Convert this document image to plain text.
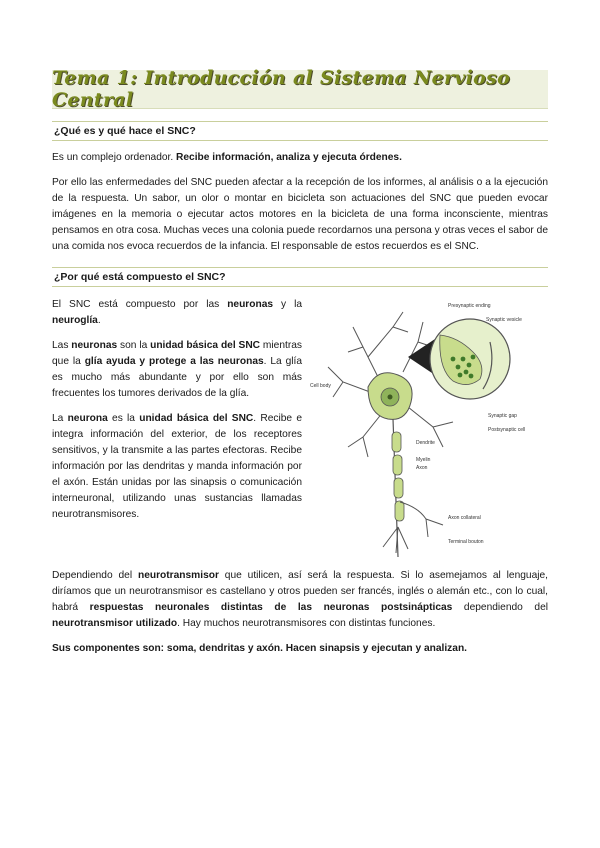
Tema 1: Introducción al Sistema Nervioso Central
¿Qué es y qué hace el SNC?

Es un complejo ordenador. Recibe información, analiza y ejecuta órdenes.

Por ello las enfermedades del SNC pueden afectar a la recepción de los informes, al análisis o a la ejecución de la respuesta. Un sabor, un olor o montar en bicicleta son actuaciones del SNC que pueden evocar imágenes en la memoria o ejecutar actos motores en la bicicleta de una forma inconsciente, mientras pensamos en otra cosa. Muchas veces una colonia puede recordarnos una persona y otras veces el sabor de una comida nos evoca recuerdos de la infancia. El responsable de estos recuerdos es el SNC.

¿Por qué está compuesto el SNC?

El SNC está compuesto por las neuronas y la neuroglía.

Las neuronas son la unidad básica del SNC mientras que la glía ayuda y protege a las neuronas. La glía es mucho más abundante y por ello son más frecuentes los tumores derivados de la glía.

La neurona es la unidad básica del SNC. Recibe e integra información del exterior, de los receptores sensitivos, y la transmite a las partes efectoras. Recibe información por las dendritas y manda información por el axón. Están unidas por las sinapsis o comunicación interneuronal, utilizando unas sustancias llamadas neurotransmisores.

Presynaptic ending
Synaptic vesicle
Cell body
Synaptic gap
Postsynaptic cell
Dendrite
Myelin
Axon
Axon collateral
Terminal bouton

Dependiendo del neurotransmisor que utilicen, así será la respuesta. Si lo asemejamos al lenguaje, diríamos que un neurotransmisor es castellano y otros pueden ser francés, inglés o alemán etc., con lo cual, habrá respuestas neuronales distintas de las neuronas postsinápticas dependiendo del neurotransmisor utilizado. Hay muchos neurotransmisores con distintas funciones.

Sus componentes son: soma, dendritas y axón. Hacen sinapsis y ejecutan y analizan.
